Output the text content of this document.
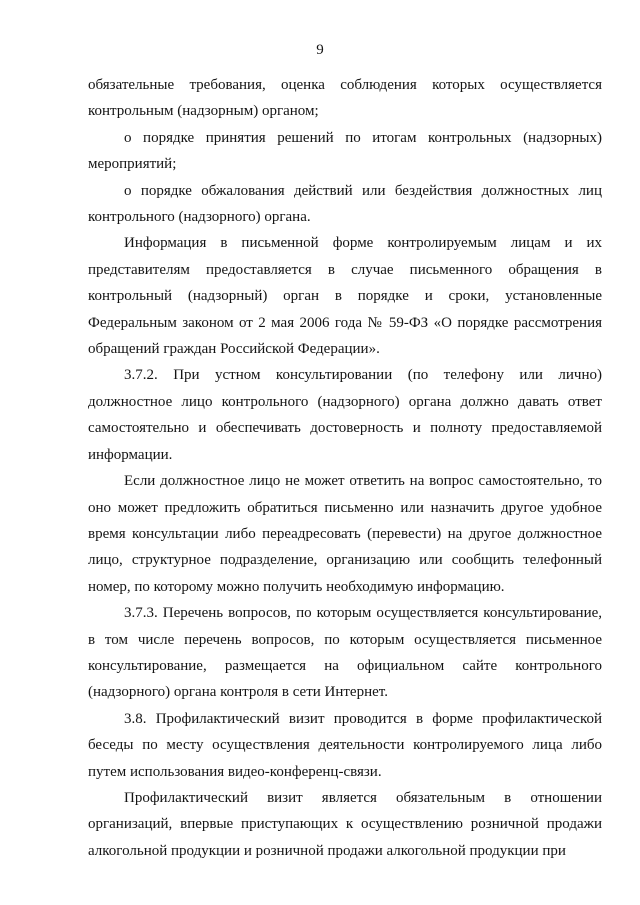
9

обязательные требования, оценка соблюдения которых осуществляется контрольным (надзорным) органом;

о порядке принятия решений по итогам контрольных (надзорных) мероприятий;

о порядке обжалования действий или бездействия должностных лиц контрольного (надзорного) органа.

Информация в письменной форме контролируемым лицам и их представителям предоставляется в случае письменного обращения в контрольный (надзорный) орган в порядке и сроки, установленные Федеральным законом от 2 мая 2006 года № 59-ФЗ «О порядке рассмотрения обращений граждан Российской Федерации».

3.7.2. При устном консультировании (по телефону или лично) должностное лицо контрольного (надзорного) органа должно давать ответ самостоятельно и обеспечивать достоверность и полноту предоставляемой информации.

Если должностное лицо не может ответить на вопрос самостоятельно, то оно может предложить обратиться письменно или назначить другое удобное время консультации либо переадресовать (перевести) на другое должностное лицо, структурное подразделение, организацию или сообщить телефонный номер, по которому можно получить необходимую информацию.

3.7.3. Перечень вопросов, по которым осуществляется консультирование, в том числе перечень вопросов, по которым осуществляется письменное консультирование, размещается на официальном сайте контрольного (надзорного) органа контроля в сети Интернет.

3.8. Профилактический визит проводится в форме профилактической беседы по месту осуществления деятельности контролируемого лица либо путем использования видео-конференц-связи.

Профилактический визит является обязательным в отношении организаций, впервые приступающих к осуществлению розничной продажи алкогольной продукции и розничной продажи алкогольной продукции при
